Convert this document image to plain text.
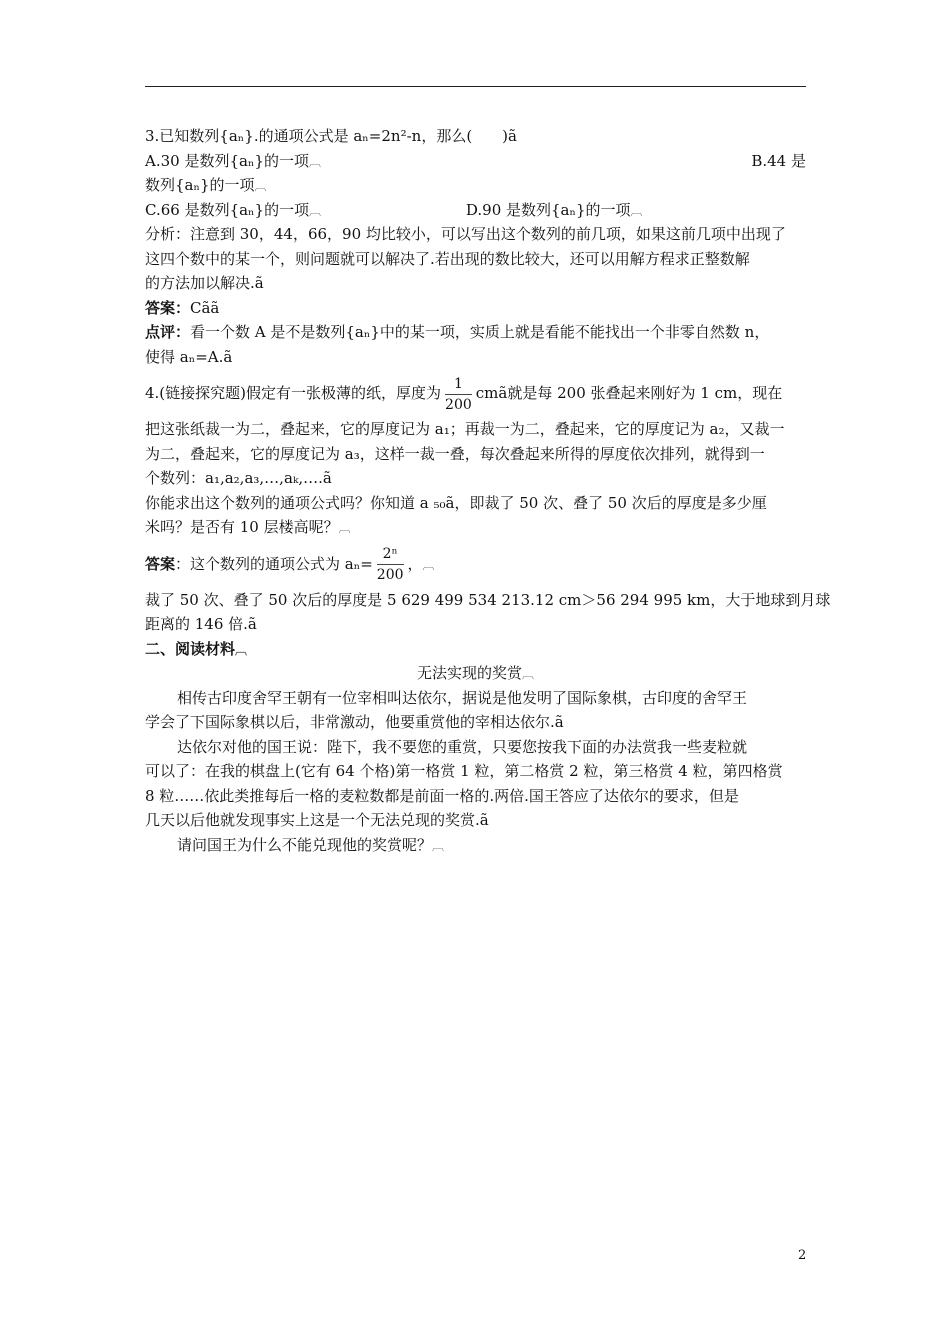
3.已知数列{aₙ}.的通项公式是 aₙ=2n²-n，那么(　　)ã
A.30 是数列{aₙ}的一项︹	B.44 是
数列{aₙ}的一项︹
C.66 是数列{aₙ}的一项︹	D.90 是数列{aₙ}的一项︹
分析：注意到 30，44，66，90 均比较小，可以写出这个数列的前几项，如果这前几项中出现了
这四个数中的某一个，则问题就可以解决了.若出现的数比较大，还可以用解方程求正整数解
的方法加以解决.ã
答案：Cãã
点评：看一个数 A 是不是数列{aₙ}中的某一项，实质上就是看能不能找出一个非零自然数 n，
使得 aₙ=A.ã
4.(链接探究题)假定有一张极薄的纸，厚度为 $\frac{1}{200}$ cmã就是每 200 张叠起来刚好为 1 cm，现在
把这张纸裁一为二，叠起来，它的厚度记为 a₁；再裁一为二，叠起来，它的厚度记为 a₂，又裁一
为二，叠起来，它的厚度记为 a₃，这样一裁一叠，每次叠起来所得的厚度依次排列，就得到一
个数列：a₁,a₂,a₃,…,aₖ,….ã
你能求出这个数列的通项公式吗？你知道 a ₅₀ã，即裁了 50 次、叠了 50 次后的厚度是多少厘
米吗？是否有 10 层楼高呢？︹
答案：这个数列的通项公式为 $a_n= \frac{\text{2ⁿ}}{200}$ ，︹
裁了 50 次、叠了 50 次后的厚度是 5 629 499 534 213.12 cm＞56 294 995 km，大于地球到月球
距离的 146 倍.ã
二、阅读材料︹
无法实现的奖赏︹
相传古印度舍罕王朝有一位宰相叫达依尔，据说是他发明了国际象棋，古印度的舍罕王
学会了下国际象棋以后，非常激动，他要重赏他的宰相达依尔.ã
达依尔对他的国王说：陛下，我不要您的重赏，只要您按我下面的办法赏我一些麦粒就
可以了：在我的棋盘上(它有 64 个格)第一格赏 1 粒，第二格赏 2 粒，第三格赏 4 粒，第四格赏
8 粒……依此类推每后一格的麦粒数都是前面一格的.两倍.国王答应了达依尔的要求，但是
几天以后他就发现事实上这是一个无法兑现的奖赏.ã
请问国王为什么不能兑现他的奖赏呢？︹
2
